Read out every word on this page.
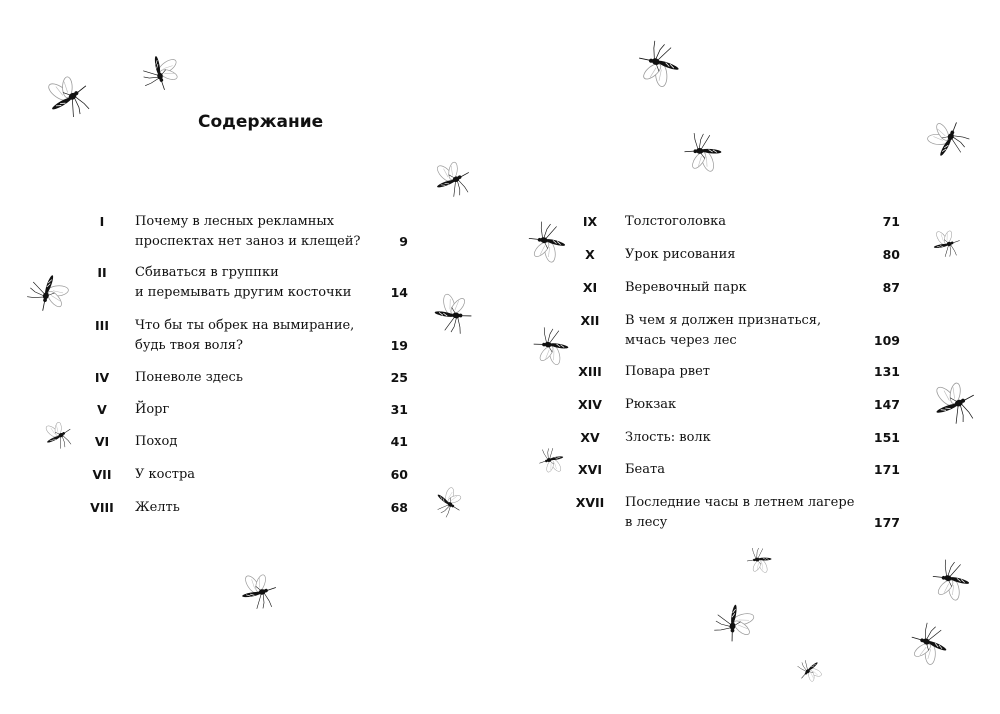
Содержание
I	Почему в лесных рекламных
проспектах нет заноз и клещей?	9
II	Сбиваться в группки
и перемывать другим косточки	14
III	Что бы ты обрек на вымирание,
будь твоя воля?	19
IV	Поневоле здесь	25
V	Йорг	31
VI	Поход	41
VII	У костра	60
VIII	Желть	68
IX	Толстоголовка	71
X	Урок рисования	80
XI	Веревочный парк	87
XII	В чем я должен признаться,
мчась через лес	109
XIII	Повара рвет	131
XIV	Рюкзак	147
XV	Злость: волк	151
XVI	Беата	171
XVII	Последние часы в летнем лагере
в лесу	177
